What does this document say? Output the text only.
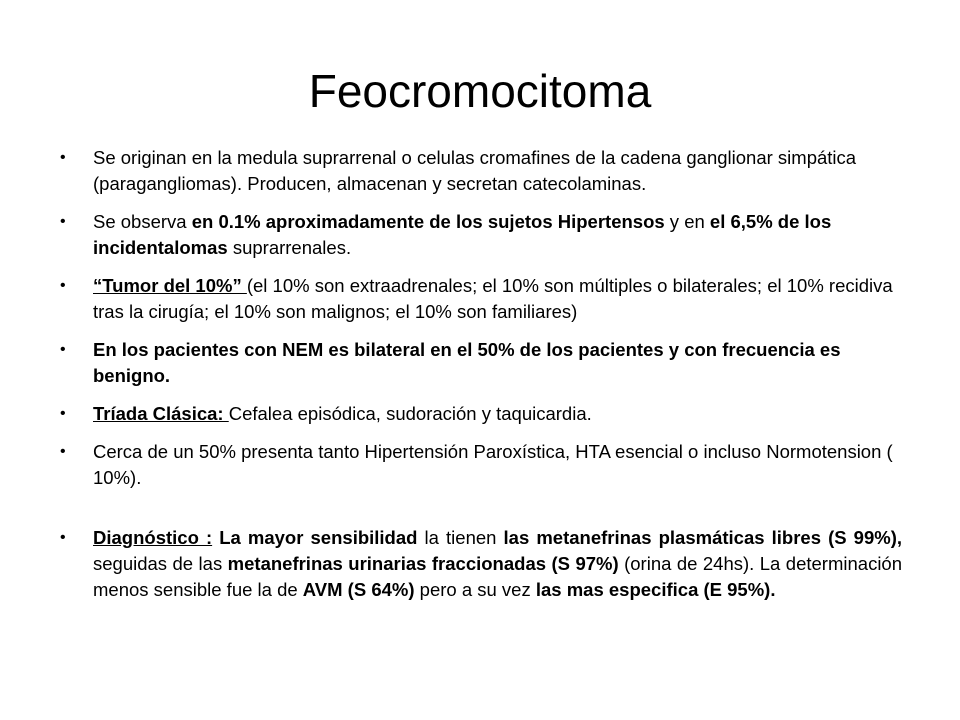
Feocromocitoma
• Se originan en la medula suprarrenal o celulas cromafines de la cadena ganglionar simpática (paragangliomas). Producen, almacenan y secretan catecolaminas.
• Se observa en 0.1% aproximadamente de los sujetos Hipertensos y en el 6,5% de los incidentalomas suprarrenales.
• “Tumor del 10%” (el 10% son extraadrenales; el 10% son múltiples o bilaterales; el 10% recidiva tras la cirugía; el 10% son malignos; el 10% son familiares)
• En los pacientes con NEM es bilateral en el 50% de los pacientes y con frecuencia es benigno.
• Tríada Clásica: Cefalea episódica, sudoración y taquicardia.
• Cerca de un 50% presenta tanto Hipertensión Paroxística, HTA esencial o incluso Normotension ( 10%).
• Diagnóstico : La mayor sensibilidad la tienen las metanefrinas plasmáticas libres (S 99%), seguidas de las metanefrinas urinarias fraccionadas (S 97%) (orina de 24hs). La determinación menos sensible fue la de AVM (S 64%) pero a su vez las mas especifica (E 95%).
